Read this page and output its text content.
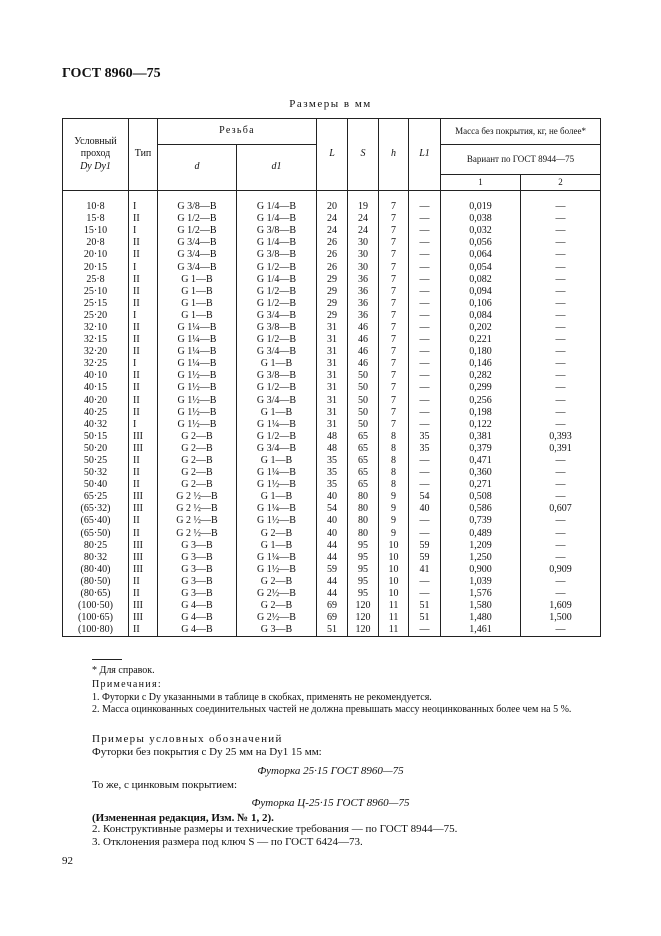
ГОСТ 8960—75
Размеры в мм
Условный проход
Dy Dy1	Тип	Резьба		L	S	h	L1	Масса без покрытия, кг, не более*	
		d	d1					Вариант по ГОСТ 8944—75	
								1	2

10·8	I	G 3/8—B	G 1/4—B	20	19	7	—	0,019	—
15·8	II	G 1/2—B	G 1/4—B	24	24	7	—	0,038	—
15·10	I	G 1/2—B	G 3/8—B	24	24	7	—	0,032	—
20·8	II	G 3/4—B	G 1/4—B	26	30	7	—	0,056	—
20·10	II	G 3/4—B	G 3/8—B	26	30	7	—	0,064	—
20·15	I	G 3/4—B	G 1/2—B	26	30	7	—	0,054	—
25·8	II	G 1—B	G 1/4—B	29	36	7	—	0,082	—
25·10	II	G 1—B	G 1/2—B	29	36	7	—	0,094	—
25·15	II	G 1—B	G 1/2—B	29	36	7	—	0,106	—
25·20	I	G 1—B	G 3/4—B	29	36	7	—	0,084	—
32·10	II	G 1¼—B	G 3/8—B	31	46	7	—	0,202	—
32·15	II	G 1¼—B	G 1/2—B	31	46	7	—	0,221	—
32·20	II	G 1¼—B	G 3/4—B	31	46	7	—	0,180	—
32·25	I	G 1¼—B	G 1—B	31	46	7	—	0,146	—
40·10	II	G 1½—B	G 3/8—B	31	50	7	—	0,282	—
40·15	II	G 1½—B	G 1/2—B	31	50	7	—	0,299	—
40·20	II	G 1½—B	G 3/4—B	31	50	7	—	0,256	—
40·25	II	G 1½—B	G 1—B	31	50	7	—	0,198	—
40·32	I	G 1½—B	G 1¼—B	31	50	7	—	0,122	—
50·15	III	G 2—B	G 1/2—B	48	65	8	35	0,381	0,393
50·20	III	G 2—B	G 3/4—B	48	65	8	35	0,379	0,391
50·25	II	G 2—B	G 1—B	35	65	8	—	0,471	—
50·32	II	G 2—B	G 1¼—B	35	65	8	—	0,360	—
50·40	II	G 2—B	G 1½—B	35	65	8	—	0,271	—
65·25	III	G 2 ½—B	G 1—B	40	80	9	54	0,508	—
(65·32)	III	G 2 ½—B	G 1¼—B	54	80	9	40	0,586	0,607
(65·40)	II	G 2 ½—B	G 1½—B	40	80	9	—	0,739	—
(65·50)	II	G 2 ½—B	G 2—B	40	80	9	—	0,489	—
80·25	III	G 3—B	G 1—B	44	95	10	59	1,209	—
80·32	III	G 3—B	G 1¼—B	44	95	10	59	1,250	—
(80·40)	III	G 3—B	G 1½—B	59	95	10	41	0,900	0,909
(80·50)	II	G 3—B	G 2—B	44	95	10	—	1,039	—
(80·65)	II	G 3—B	G 2½—B	44	95	10	—	1,576	—
(100·50)	III	G 4—B	G 2—B	69	120	11	51	1,580	1,609
(100·65)	III	G 4—B	G 2½—B	69	120	11	51	1,480	1,500
(100·80)	II	G 4—B	G 3—B	51	120	11	—	1,461	—
* Для справок.
Примечания:
1. Футорки с Dy указанными в таблице в скобках, применять не рекомендуется.
2. Масса оцинкованных соединительных частей не должна превышать массу неоцинкованных более чем на 5 %.
Примеры условных обозначений
Футорки без покрытия с Dy 25 мм на Dy1 15 мм:
Футорка 25·15 ГОСТ 8960—75
То же, с цинковым покрытием:
Футорка Ц-25·15 ГОСТ 8960—75
(Измененная редакция, Изм. № 1, 2).
2. Конструктивные размеры и технические требования — по ГОСТ 8944—75.
3. Отклонения размера под ключ S — по ГОСТ 6424—73.
92
